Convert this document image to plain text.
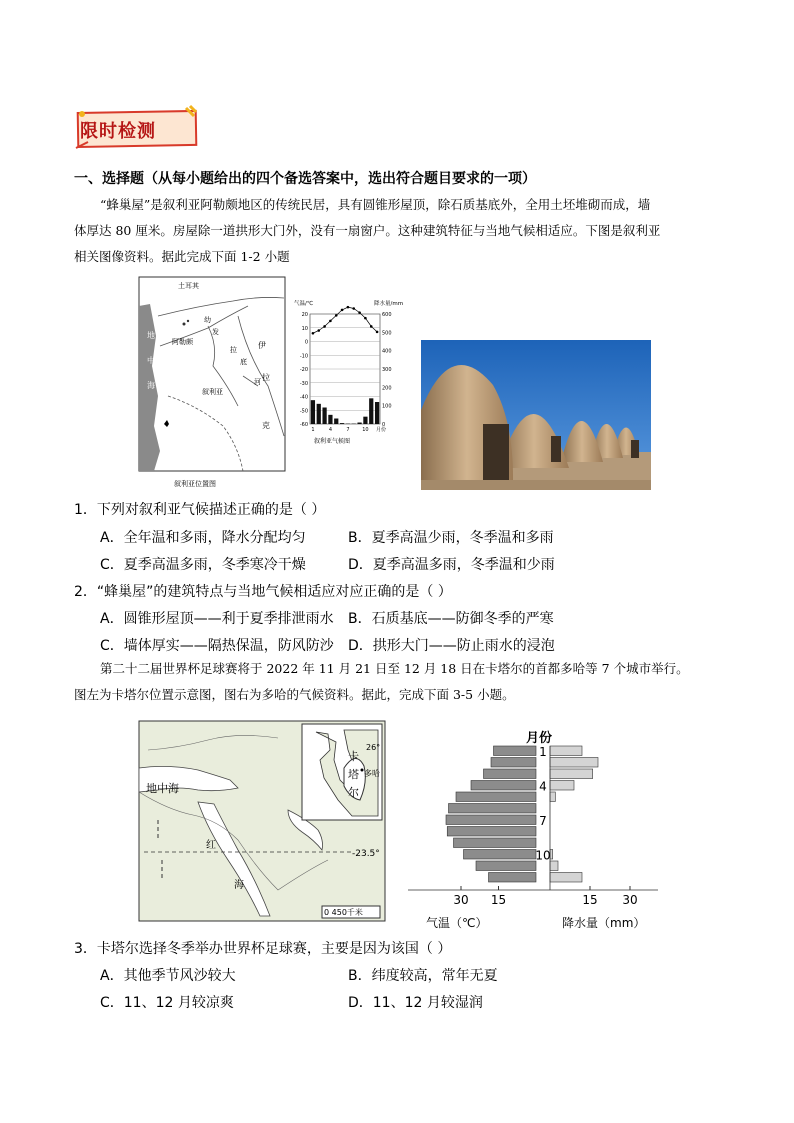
限时检测
一、选择题（从每小题给出的四个备选答案中，选出符合题目要求的一项）
“蜂巢屋”是叙利亚阿勒颇地区的传统民居，具有圆锥形屋顶，除石质基底外，全用土坯堆砌而成，墙
体厚达 80 厘米。房屋除一道拱形大门外，没有一扇窗户。这种建筑特征与当地气候相适应。下图是叙利亚
相关图像资料。据此完成下面 1-2 小题
土耳其
阿勒颇
叙利亚
地
中
海
幼
发
拉	伊
拉
克
底
河
叙利亚位置图
气温/℃	降水量/mm
20
10
0
-10
-20
-30
-40
-50
-60
600
500
400
300
200
100
0
1	4	7	10 月份
叙利亚气候图
1．下列对叙利亚气候描述正确的是（ ）
A．全年温和多雨，降水分配均匀	B．夏季高温少雨，冬季温和多雨
C．夏季高温多雨，冬季寒冷干燥	D．夏季高温多雨，冬季温和少雨
2．“蜂巢屋”的建筑特点与当地气候相适应对应正确的是（ ）
A．圆锥形屋顶——利于夏季排泄雨水 B．石质基底——防御冬季的严寒
C．墙体厚实——隔热保温，防风防沙 D．拱形大门——防止雨水的浸泡
第二十二届世界杯足球赛将于 2022 年 11 月 21 日至 12 月 18 日在卡塔尔的首都多哈等 7 个城市举行。
图左为卡塔尔位置示意图，图右为多哈的气候资料。据此，完成下面 3-5 小题。
地中海
红
海
卡
塔
尔
多哈
26°
-23.5°
0 450千米
月份
30 15	15 30
1
4
7
10
气温（℃）	降水量（mm）
3．卡塔尔选择冬季举办世界杯足球赛，主要是因为该国（ ）
A．其他季节风沙较大	B．纬度较高，常年无夏
C．11、12 月较凉爽	D．11、12 月较湿润
